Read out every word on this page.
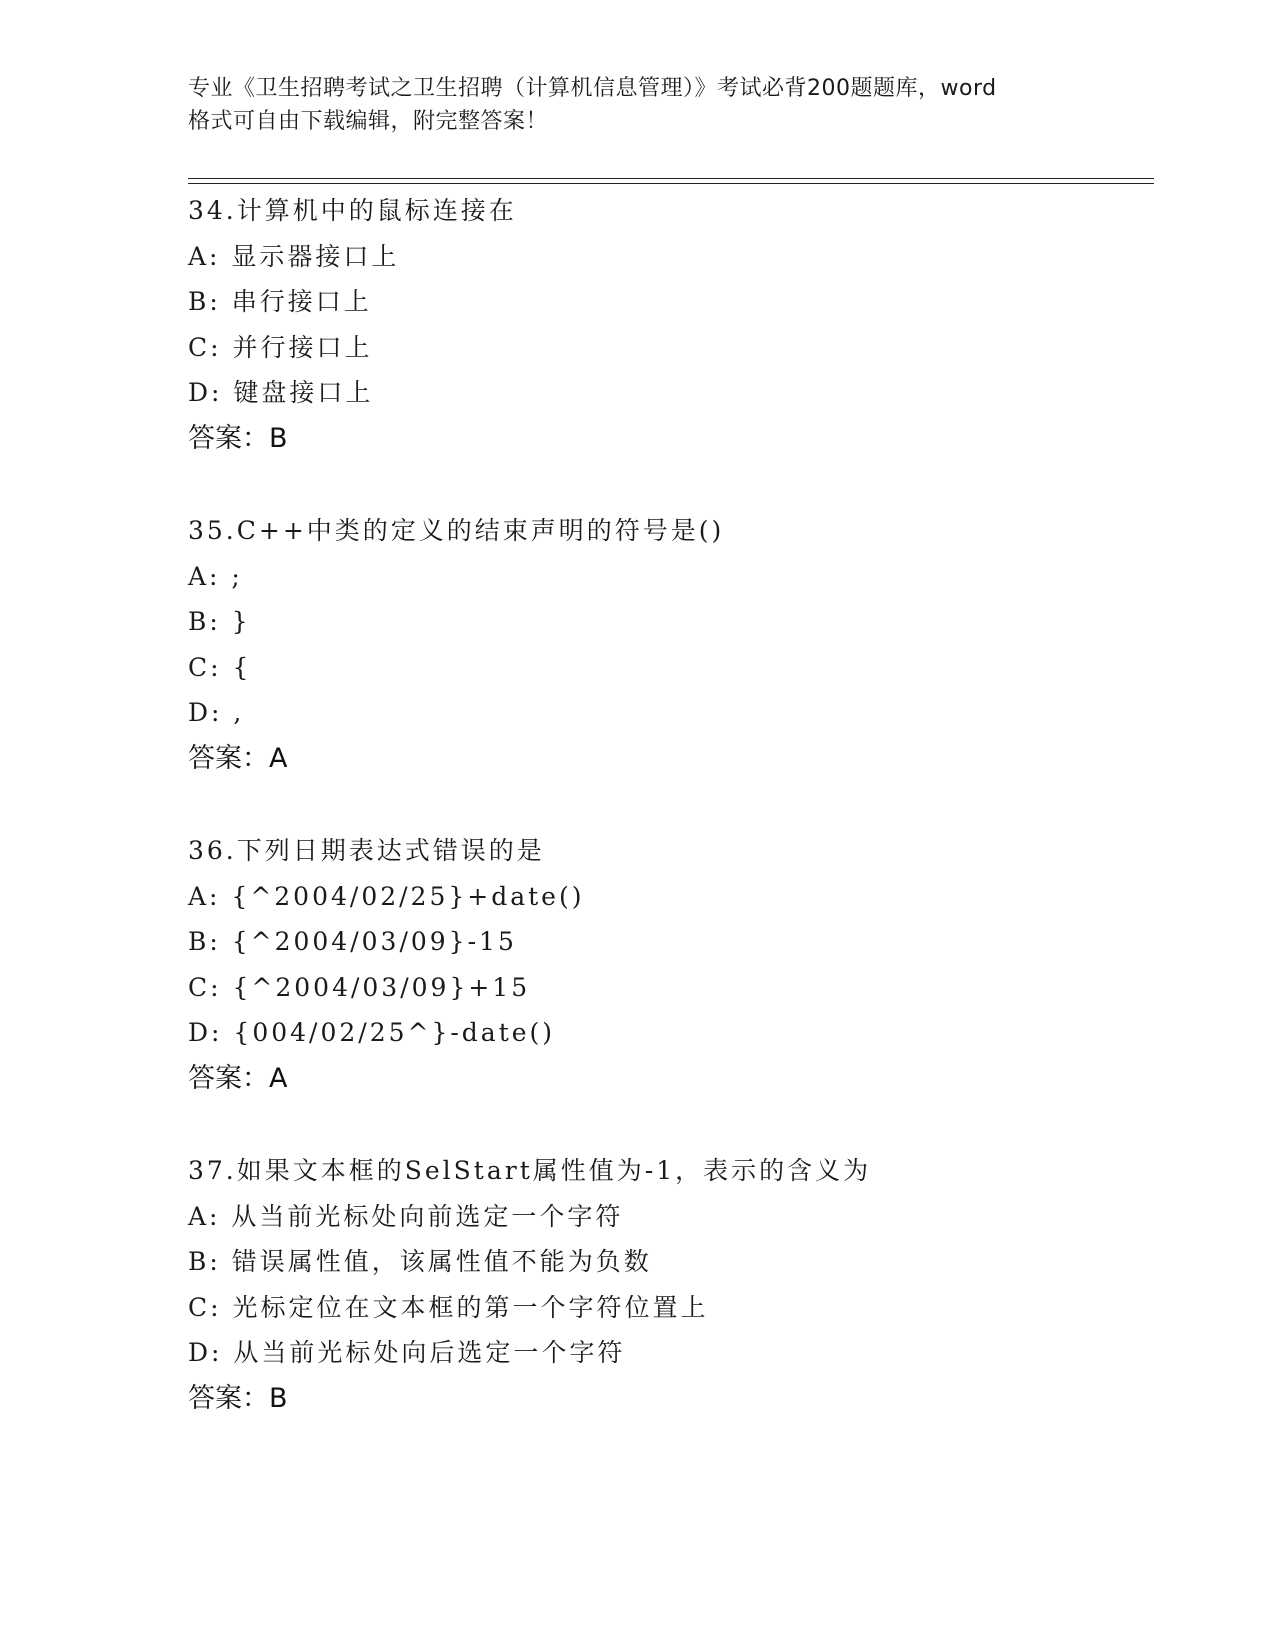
专业《卫生招聘考试之卫生招聘（计算机信息管理）》考试必背200题题库，word
格式可自由下载编辑，附完整答案！
34.计算机中的鼠标连接在
A: 显示器接口上
B: 串行接口上
C: 并行接口上
D: 键盘接口上
答案：B
35.C++中类的定义的结束声明的符号是()
A: ;
B: }
C: {
D: ,
答案：A
36.下列日期表达式错误的是
A: {^2004/02/25}+date()
B: {^2004/03/09}-15
C: {^2004/03/09}+15
D: {004/02/25^}-date()
答案：A
37.如果文本框的SelStart属性值为-1，表示的含义为
A: 从当前光标处向前选定一个字符
B: 错误属性值，该属性值不能为负数
C: 光标定位在文本框的第一个字符位置上
D: 从当前光标处向后选定一个字符
答案：B
